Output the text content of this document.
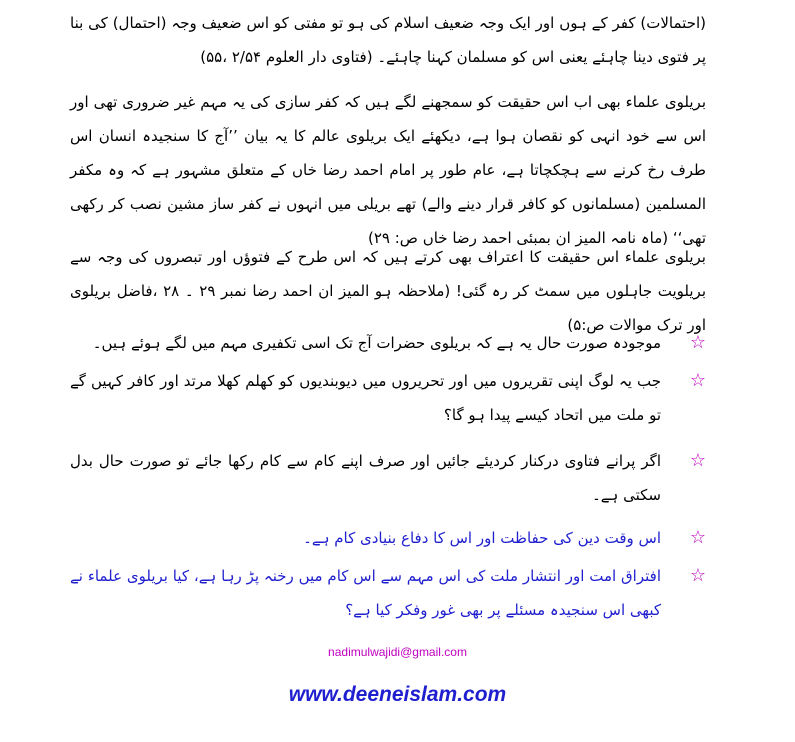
(احتمالات) کفر کے ہوں اور ایک وجہ ضعیف اسلام کی ہو تو مفتی کو اس ضعیف وجہ (احتمال) کی بنا پر فتوی دینا چاہئے یعنی اس کو مسلمان کہنا چاہئے۔ (فتاوی دار العلوم ۲/۵۴ ،۵۵)

بریلوی علماء بھی اب اس حقیقت کو سمجھنے لگے ہیں کہ کفر سازی کی یہ مہم غیر ضروری تھی اور اس سے خود انہی کو نقصان ہوا ہے، دیکھئے ایک بریلوی عالم کا یہ بیان ’’آج کا سنجیدہ انسان اس طرف رخ کرنے سے ہچکچاتا ہے، عام طور پر امام احمد رضا خاں کے متعلق مشہور ہے کہ وہ مکفر المسلمین (مسلمانوں کو کافر قرار دینے والے) تھے بریلی میں انہوں نے کفر ساز مشین نصب کر رکھی تھی‘‘ (ماہ نامہ المیز ان بمبئی احمد رضا خاں ص: ۲۹)

بریلوی علماء اس حقیقت کا اعتراف بھی کرتے ہیں کہ اس طرح کے فتوؤں اور تبصروں کی وجہ سے بریلویت جاہلوں میں سمٹ کر رہ گئی! (ملاحظہ ہو المیز ان احمد رضا نمبر ۲۹ ۔ ۲۸ ،فاضل بریلوی اور ترک موالات ص:۵)

☆
موجودہ صورت حال یہ ہے کہ بریلوی حضرات آج تک اسی تکفیری مہم میں لگے ہوئے ہیں۔
☆
جب یہ لوگ اپنی تقریروں میں اور تحریروں میں دیوبندیوں کو کھلم کھلا مرتد اور کافر کہیں گے تو ملت میں اتحاد کیسے پیدا ہو گا؟
☆
اگر پرانے فتاوی درکنار کردیئے جائیں اور صرف اپنے کام سے کام رکھا جائے تو صورت حال بدل سکتی ہے۔
☆
اس وقت دین کی حفاظت اور اس کا دفاع بنیادی کام ہے۔
☆
افتراق امت اور انتشار ملت کی اس مہم سے اس کام میں رخنہ پڑ رہا ہے، کیا بریلوی علماء نے کبھی اس سنجیدہ مسئلے پر بھی غور وفکر کیا ہے؟
nadimulwajidi@gmail.com
www.deeneislam.com
